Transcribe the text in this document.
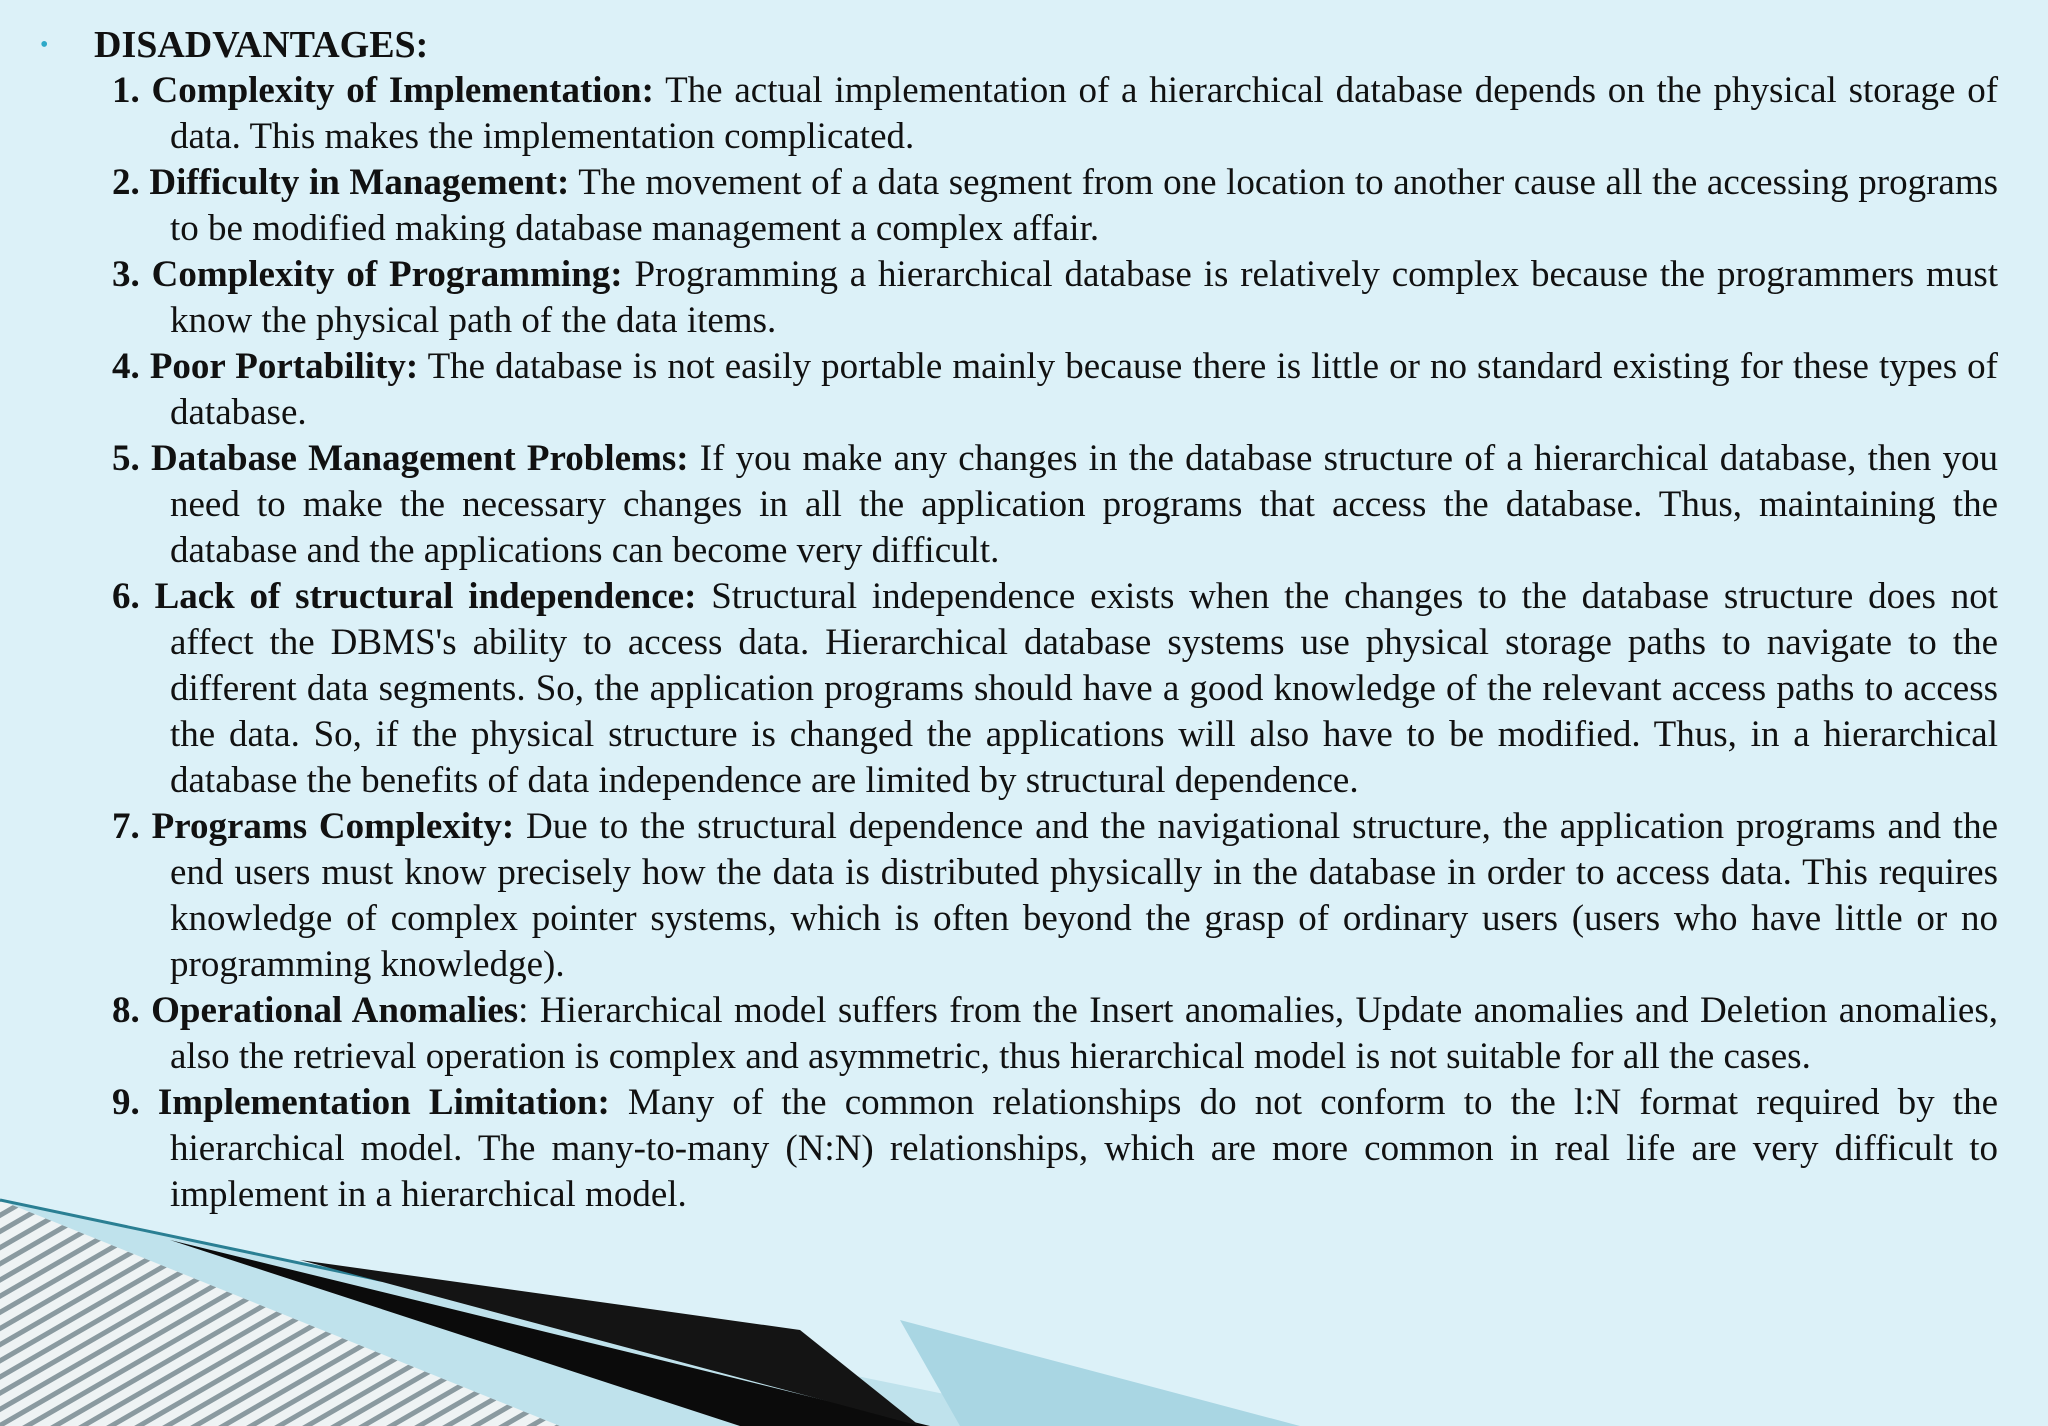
• DISADVANTAGES:
1. Complexity of Implementation: The actual implementation of a hierarchical database depends on the physical storage of data. This makes the implementation complicated.
2. Difficulty in Management: The movement of a data segment from one location to another cause all the accessing programs to be modified making database management a complex affair.
3. Complexity of Programming: Programming a hierarchical database is relatively complex because the programmers must know the physical path of the data items.
4. Poor Portability: The database is not easily portable mainly because there is little or no standard existing for these types of database.
5. Database Management Problems: If you make any changes in the database structure of a hierarchical database, then you need to make the necessary changes in all the application programs that access the database. Thus, maintaining the database and the applications can become very difficult.
6. Lack of structural independence: Structural independence exists when the changes to the database structure does not affect the DBMS's ability to access data. Hierarchical database systems use physical storage paths to navigate to the different data segments. So, the application programs should have a good knowledge of the relevant access paths to access the data. So, if the physical structure is changed the applications will also have to be modified. Thus, in a hierarchical database the benefits of data independence are limited by structural dependence.
7. Programs Complexity: Due to the structural dependence and the navigational structure, the application programs and the end users must know precisely how the data is distributed physically in the database in order to access data. This requires knowledge of complex pointer systems, which is often beyond the grasp of ordinary users (users who have little or no programming knowledge).
8. Operational Anomalies: Hierarchical model suffers from the Insert anomalies, Update anomalies and Deletion anomalies, also the retrieval operation is complex and asymmetric, thus hierarchical model is not suitable for all the cases.
9. Implementation Limitation: Many of the common relationships do not conform to the l:N format required by the hierarchical model. The many-to-many (N:N) relationships, which are more common in real life are very difficult to implement in a hierarchical model.
